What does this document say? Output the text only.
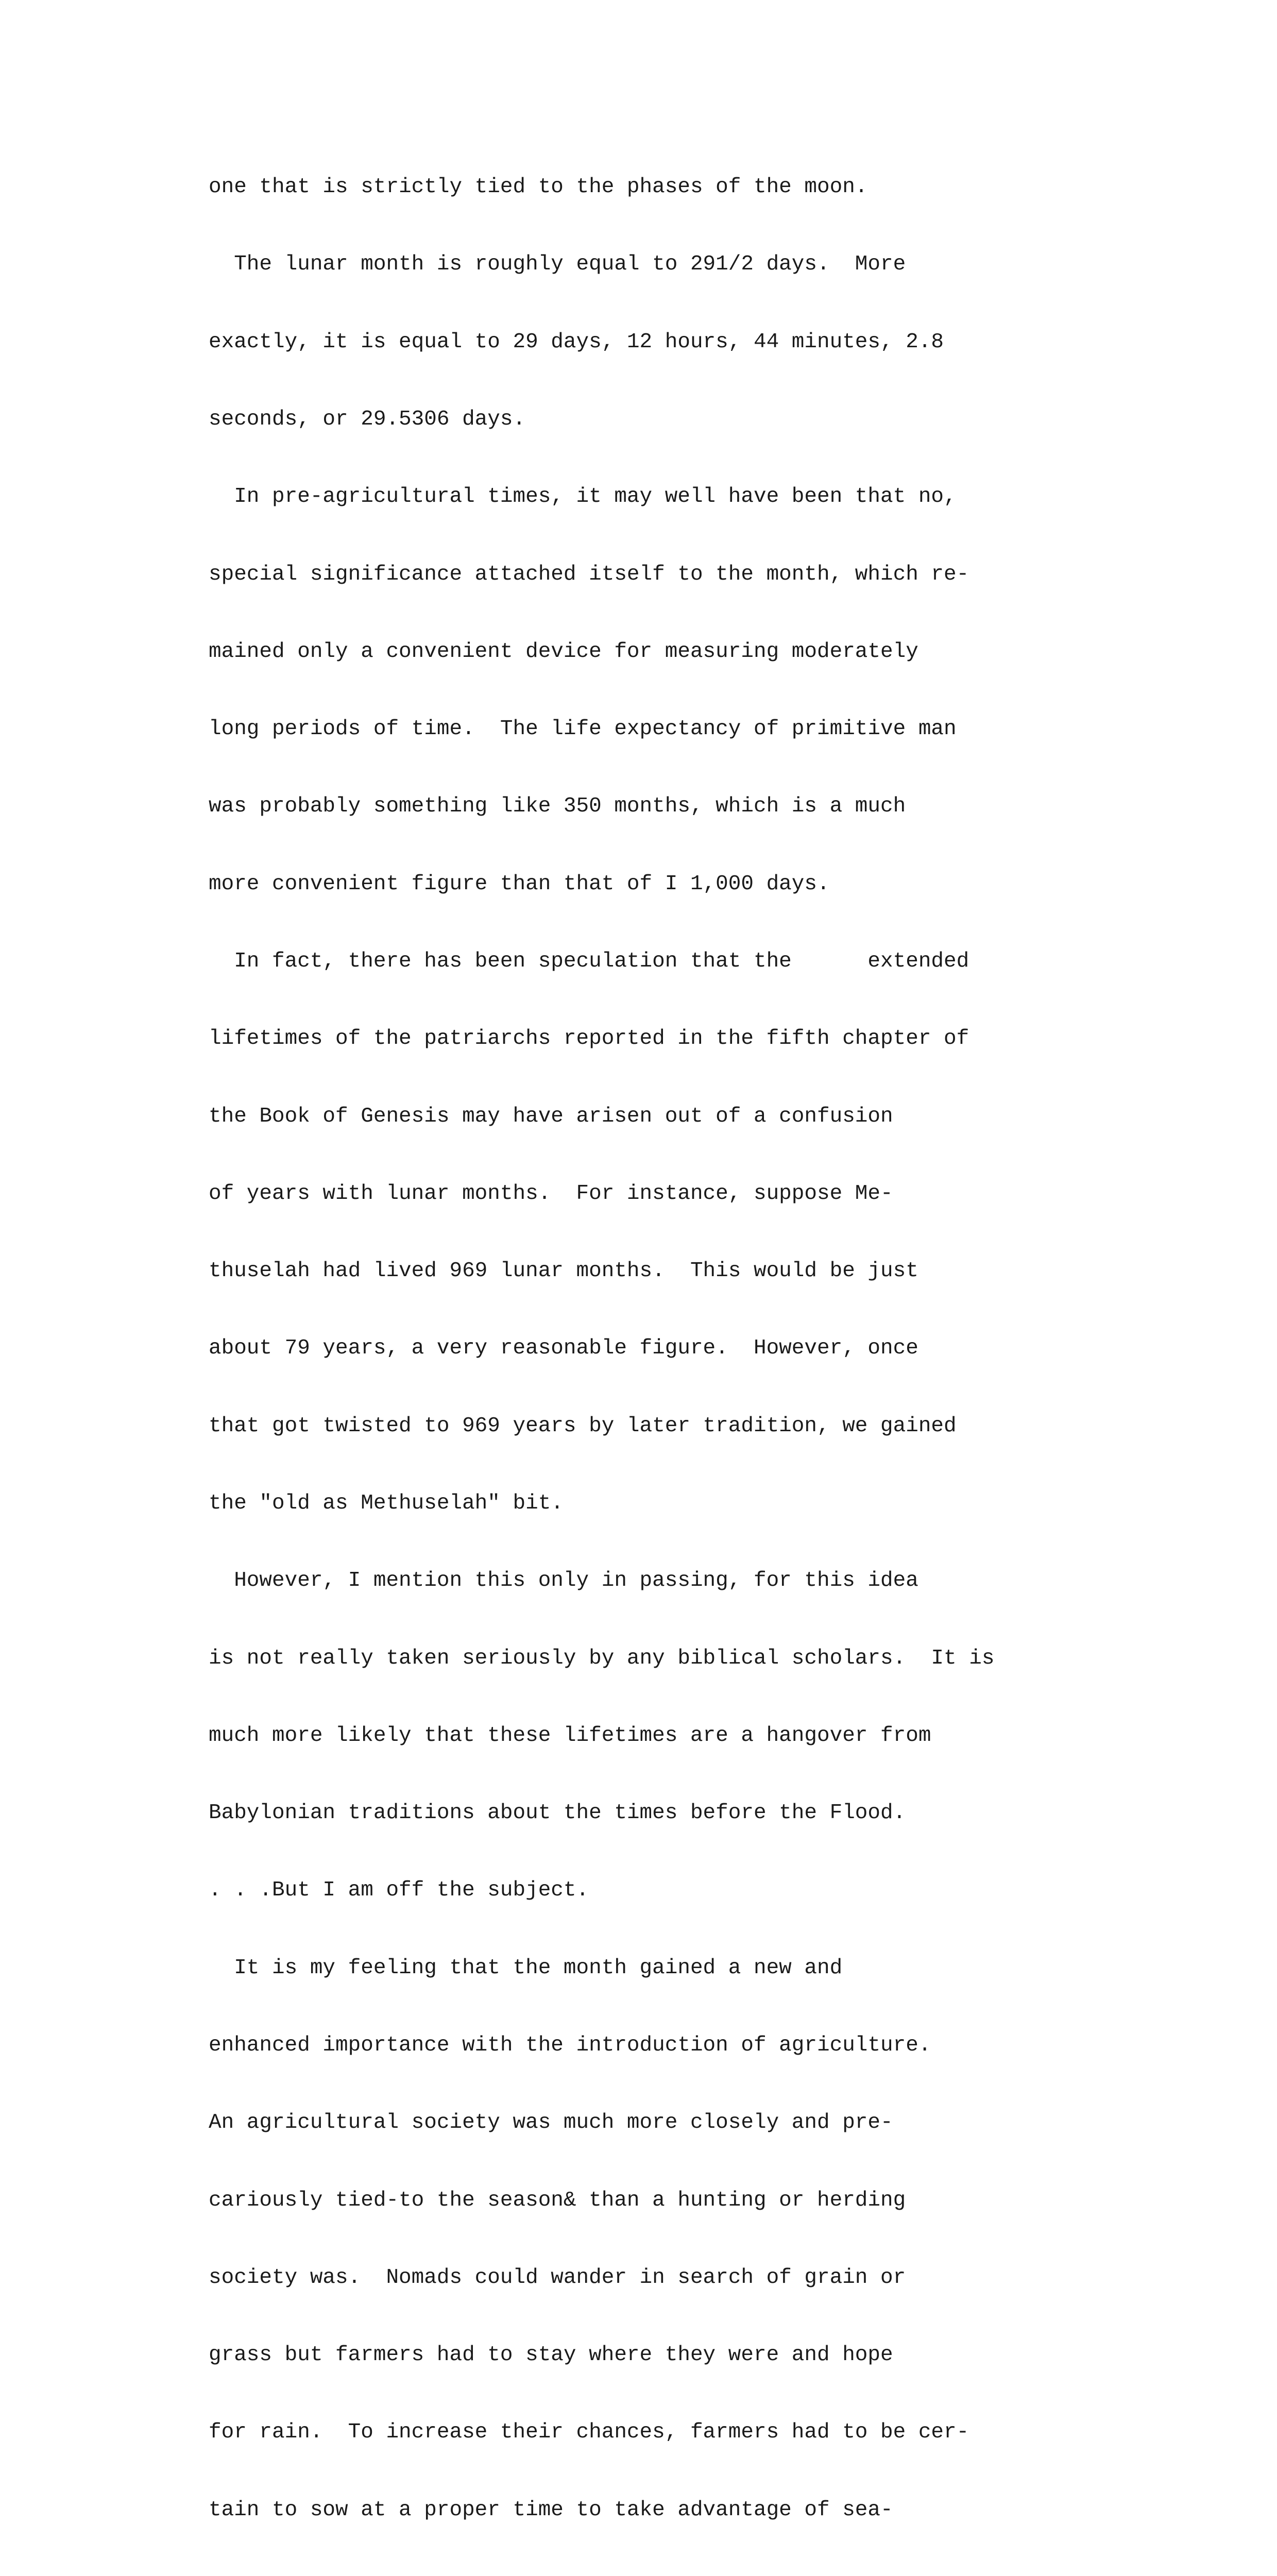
one that is strictly tied to the phases of the moon.

The lunar month is roughly equal to 291/2 days.  More

exactly, it is equal to 29 days, 12 hours, 44 minutes, 2.8

seconds, or 29.5306 days.

In pre-agricultural times, it may well have been that no,

special significance attached itself to the month, which re-

mained only a convenient device for measuring moderately

long periods of time.  The life expectancy of primitive man

was probably something like 350 months, which is a much

more convenient figure than that of I 1,000 days.

In fact, there has been speculation that the      extended

lifetimes of the patriarchs reported in the fifth chapter of

the Book of Genesis may have arisen out of a confusion

of years with lunar months.  For instance, suppose Me-

thuselah had lived 969 lunar months.  This would be just

about 79 years, a very reasonable figure.  However, once

that got twisted to 969 years by later tradition, we gained

the "old as Methuselah" bit.

However, I mention this only in passing, for this idea

is not really taken seriously by any biblical scholars.  It is

much more likely that these lifetimes are a hangover from

Babylonian traditions about the times before the Flood.

. . .But I am off the subject.

It is my feeling that the month gained a new and

enhanced importance with the introduction of agriculture.

An agricultural society was much more closely and pre-

cariously tied-to the season& than a hunting or herding

society was.  Nomads could wander in search of grain or

grass but farmers had to stay where they were and hope

for rain.  To increase their chances, farmers had to be cer-

tain to sow at a proper time to take advantage of sea-
